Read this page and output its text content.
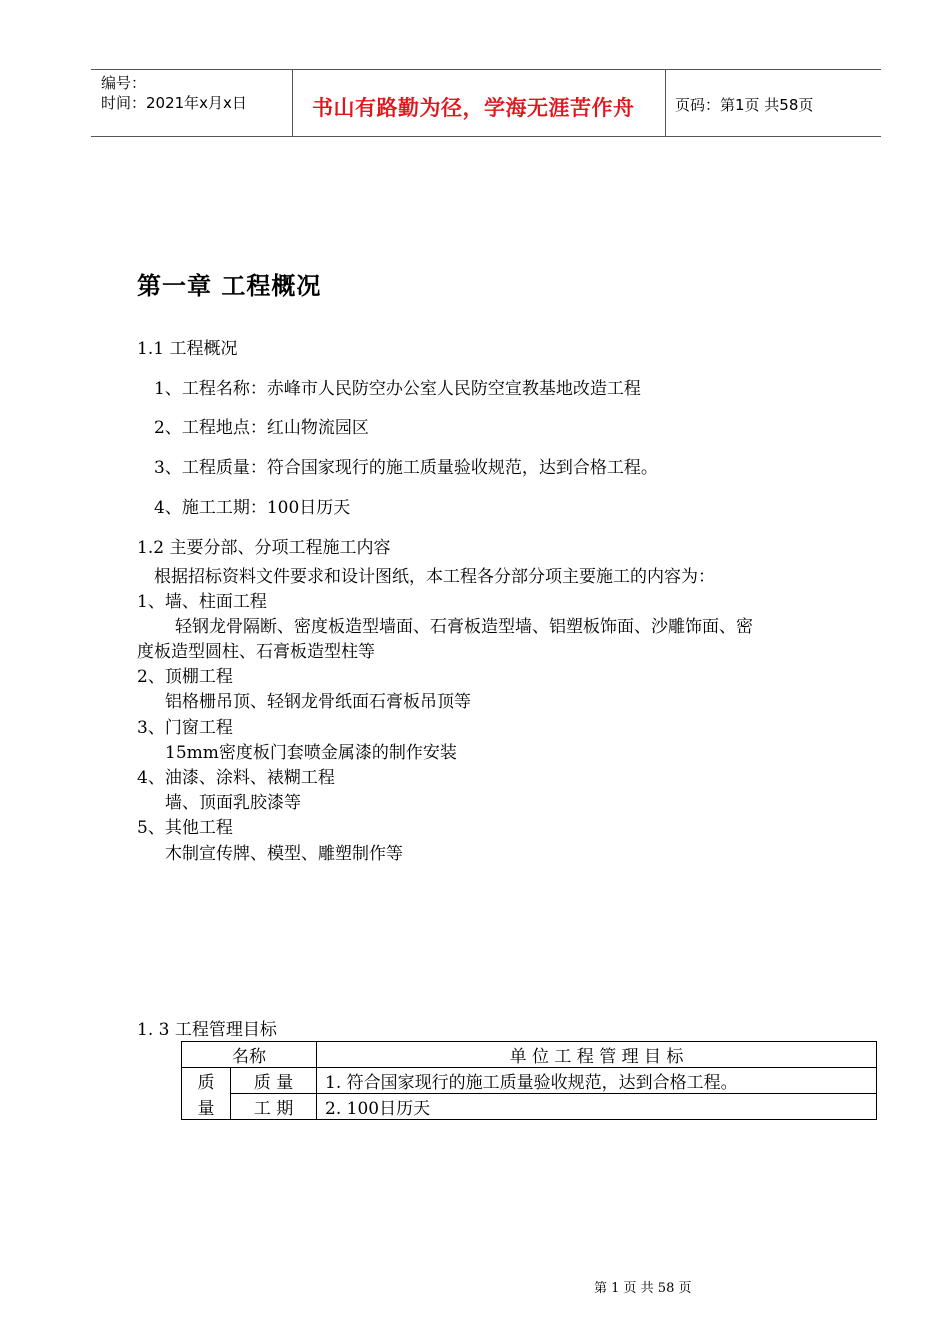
编号：
时间：2021年x月x日	书山有路勤为径，学海无涯苦作舟	页码：第1页 共58页
第一章 工程概况
1.1 工程概况
1、工程名称：赤峰市人民防空办公室人民防空宣教基地改造工程
2、工程地点：红山物流园区
3、工程质量：符合国家现行的施工质量验收规范，达到合格工程。
4、施工工期：100日历天
1.2 主要分部、分项工程施工内容
根据招标资料文件要求和设计图纸，本工程各分部分项主要施工的内容为：
1、墙、柱面工程
轻钢龙骨隔断、密度板造型墙面、石膏板造型墙、铝塑板饰面、沙雕饰面、密
度板造型圆柱、石膏板造型柱等
2、顶棚工程
铝格栅吊顶、轻钢龙骨纸面石膏板吊顶等
3、门窗工程
15mm密度板门套喷金属漆的制作安装
4、油漆、涂料、裱糊工程
墙、顶面乳胶漆等
5、其他工程
木制宣传牌、模型、雕塑制作等
1. 3 工程管理目标
名称		单 位 工 程 管 理 目 标
质	质 量	1. 符合国家现行的施工质量验收规范，达到合格工程。
量	工 期	2. 100日历天
第 1 页 共 58 页
